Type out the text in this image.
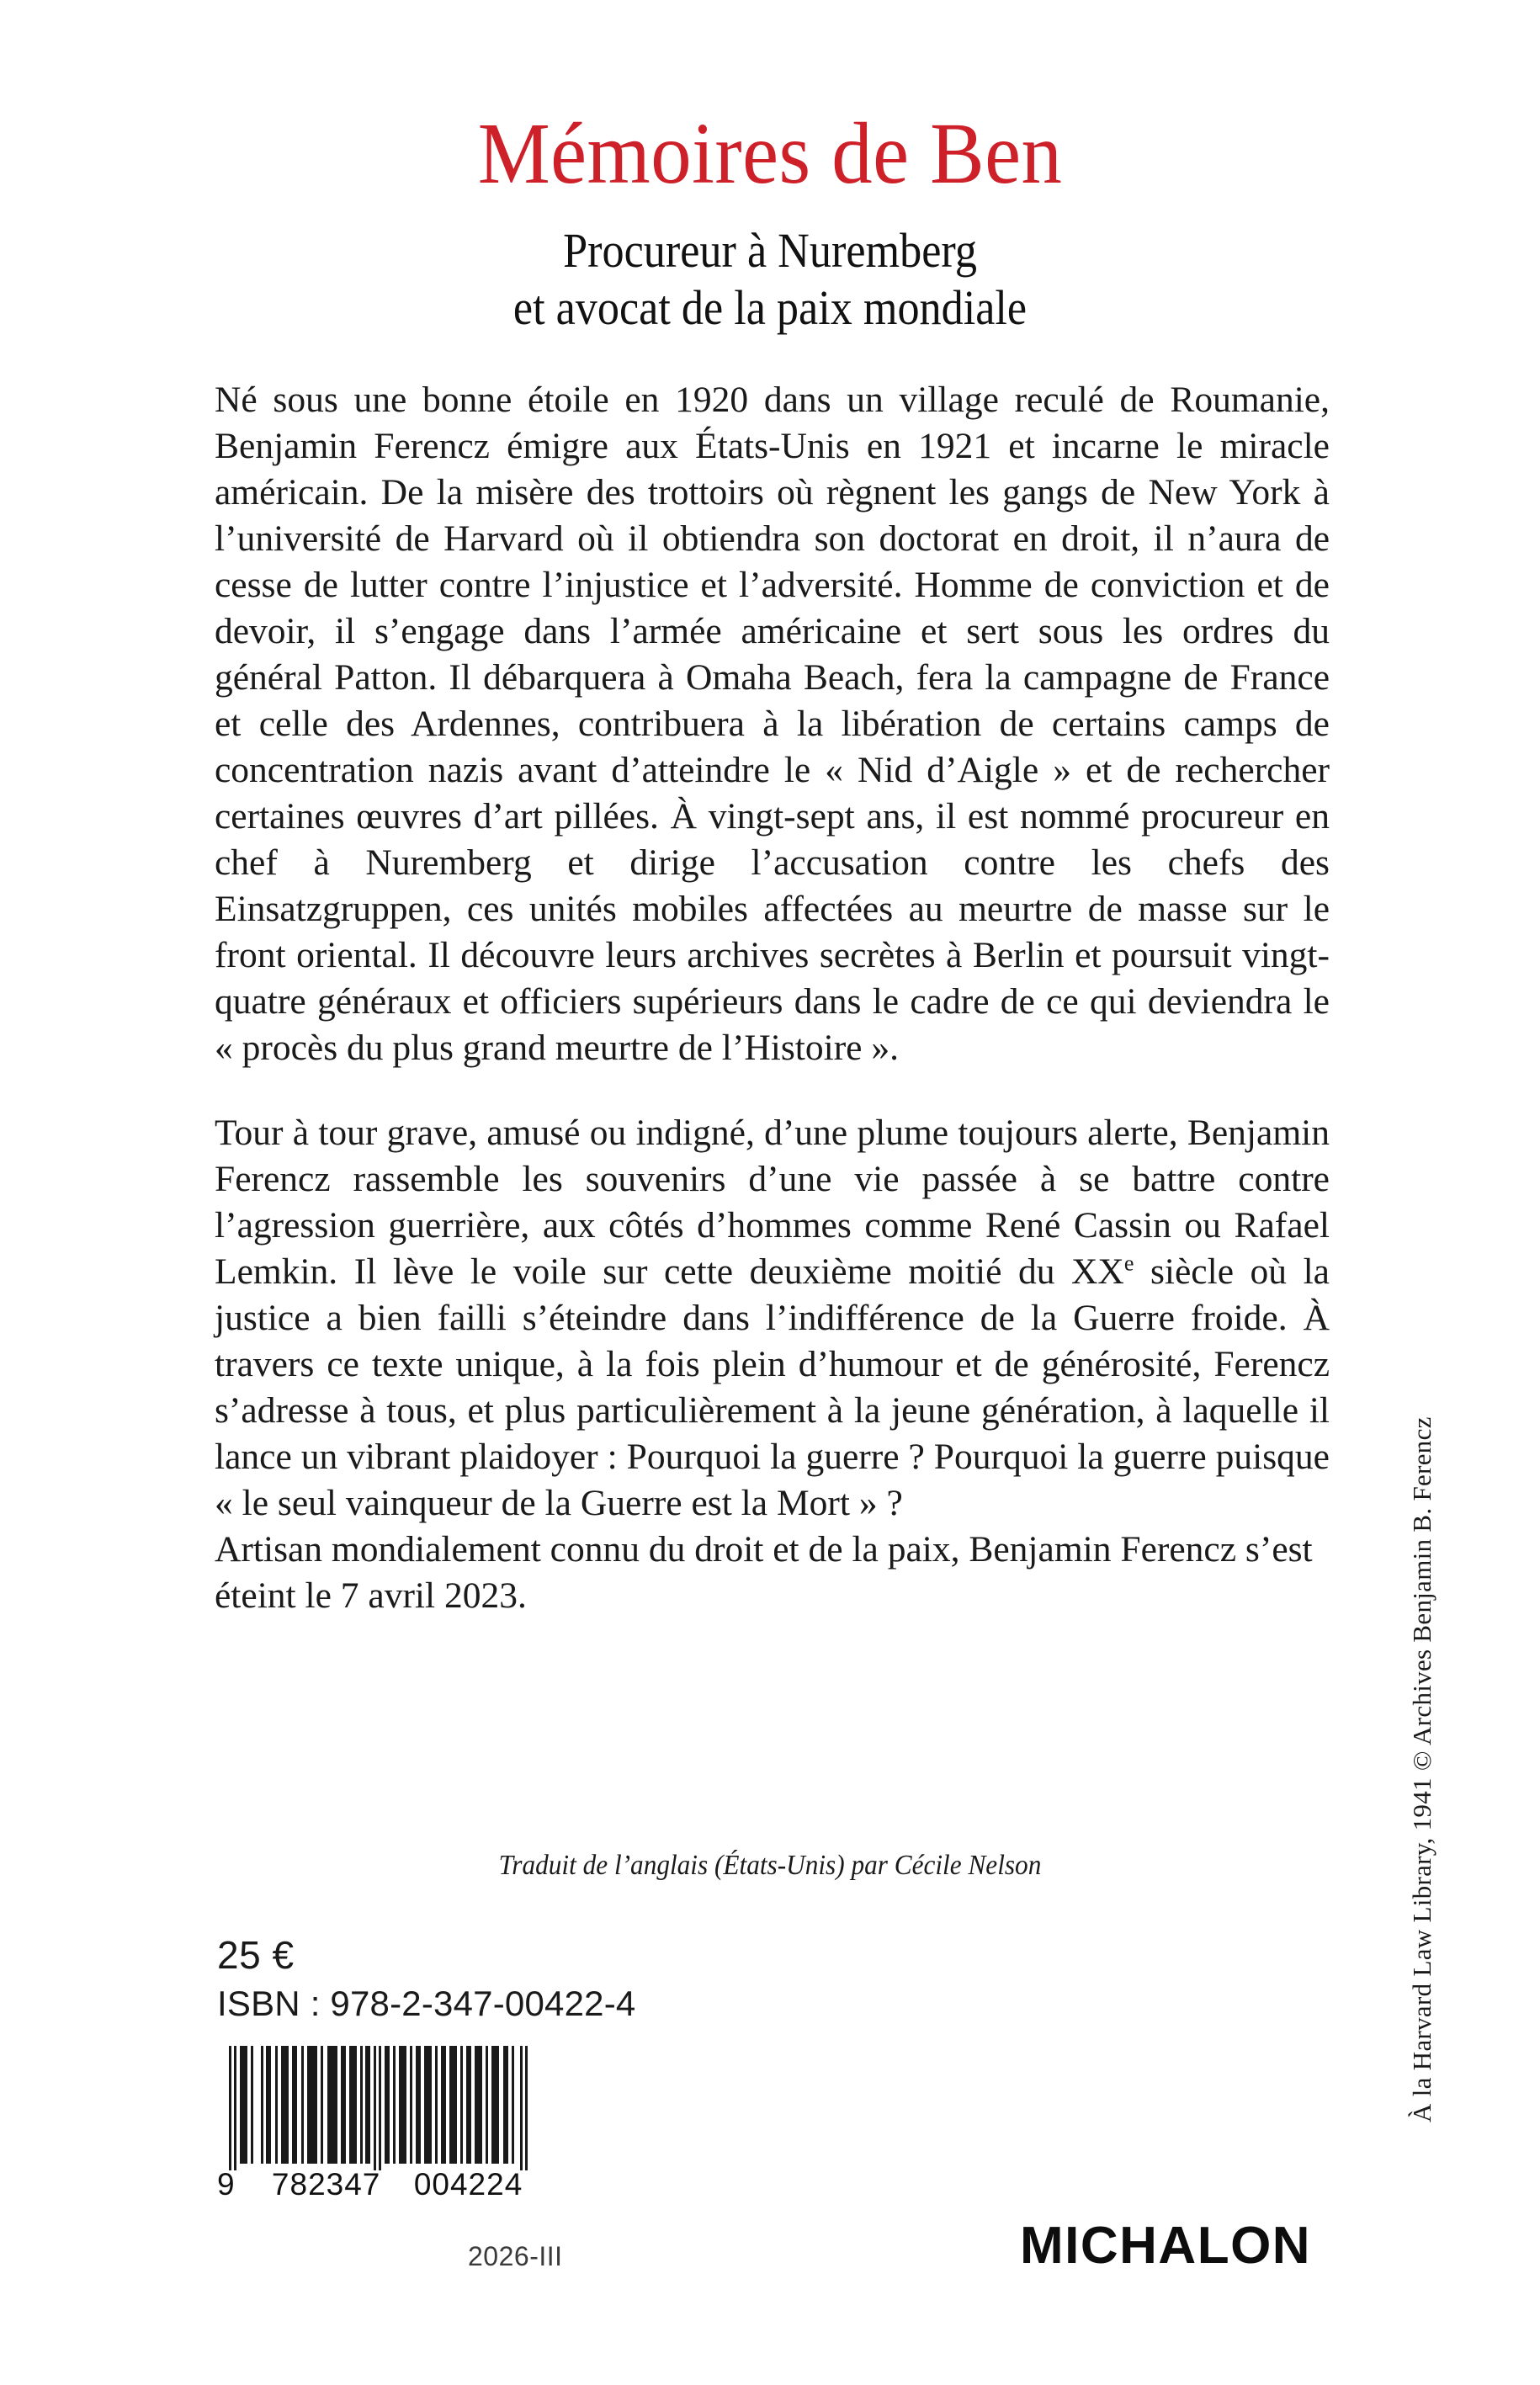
Mémoires de Ben
Procureur à Nuremberg
et avocat de la paix mondiale

Né sous une bonne étoile en 1920 dans un village reculé de Roumanie, Benjamin Ferencz émigre aux États-Unis en 1921 et incarne le miracle américain. De la misère des trottoirs où règnent les gangs de New York à l’université de Harvard où il obtiendra son doctorat en droit, il n’aura de cesse de lutter contre l’injustice et l’adversité. Homme de conviction et de devoir, il s’engage dans l’armée américaine et sert sous les ordres du général Patton. Il débarquera à Omaha Beach, fera la campagne de France et celle des Ardennes, contribuera à la libération de certains camps de concentration nazis avant d’atteindre le « Nid d’Aigle » et de rechercher certaines œuvres d’art pillées. À vingt-sept ans, il est nommé procureur en chef à Nuremberg et dirige l’accusation contre les chefs des Einsatzgruppen, ces unités mobiles affectées au meurtre de masse sur le front oriental. Il découvre leurs archives secrètes à Berlin et poursuit vingt-quatre généraux et officiers supérieurs dans le cadre de ce qui deviendra le « procès du plus grand meurtre de l’Histoire ».

Tour à tour grave, amusé ou indigné, d’une plume toujours alerte, Benjamin Ferencz rassemble les souvenirs d’une vie passée à se battre contre l’agression guerrière, aux côtés d’hommes comme René Cassin ou Rafael Lemkin. Il lève le voile sur cette deuxième moitié du XXe siècle où la justice a bien failli s’éteindre dans l’indifférence de la Guerre froide. À travers ce texte unique, à la fois plein d’humour et de générosité, Ferencz s’adresse à tous, et plus particulièrement à la jeune génération, à laquelle il lance un vibrant plaidoyer : Pourquoi la guerre ? Pourquoi la guerre puisque « le seul vainqueur de la Guerre est la Mort » ?

Artisan mondialement connu du droit et de la paix, Benjamin Ferencz s’est éteint le 7 avril 2023.

Traduit de l’anglais (États-Unis) par Cécile Nelson
25 €
ISBN : 978-2-347-00422-4
9	782347	004224
2026-III	MICHALON
À la Harvard Law Library, 1941 © Archives Benjamin B. Ferencz
